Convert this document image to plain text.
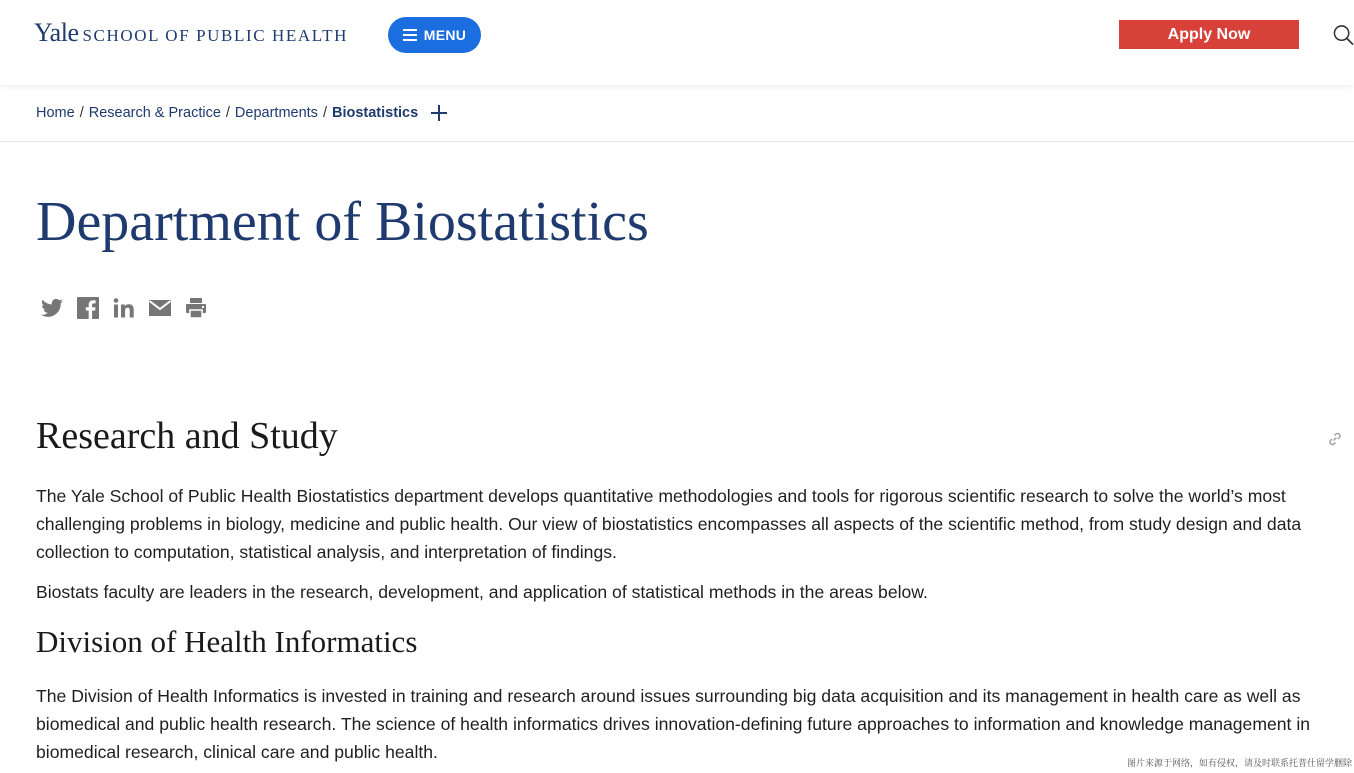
Yale SCHOOL OF PUBLIC HEALTH	MENU	Apply Now
Home / Research & Practice / Departments / Biostatistics
Department of Biostatistics
Research and Study

The Yale School of Public Health Biostatistics department develops quantitative methodologies and tools for rigorous scientific research to solve the world’s most challenging problems in biology, medicine and public health. Our view of biostatistics encompasses all aspects of the scientific method, from study design and data collection to computation, statistical analysis, and interpretation of findings.

Biostats faculty are leaders in the research, development, and application of statistical methods in the areas below.

Division of Health Informatics

The Division of Health Informatics is invested in training and research around issues surrounding big data acquisition and its management in health care as well as biomedical and public health research. The science of health informatics drives innovation-defining future approaches to information and knowledge management in biomedical research, clinical care and public health.

图片来源于网络，如有侵权，请及时联系托普仕留学删除
